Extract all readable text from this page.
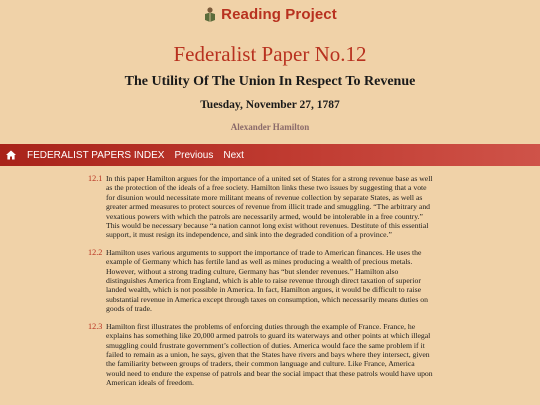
Reading Project
Federalist Paper No.12
The Utility Of The Union In Respect To Revenue
Tuesday, November 27, 1787
Alexander Hamilton
FEDERALIST PAPERS INDEX Previous Next
12.1 In this paper Hamilton argues for the importance of a united set of States for a strong revenue base as well as the protection of the ideals of a free society. Hamilton links these two issues by suggesting that a vote for disunion would necessitate more militant means of revenue collection by separate States, as well as greater armed measures to protect sources of revenue from illicit trade and smuggling. “The arbitrary and vexatious powers with which the patrols are necessarily armed, would be intolerable in a free country.” This would be necessary because “a nation cannot long exist without revenues. Destitute of this essential support, it must resign its independence, and sink into the degraded condition of a province.”

12.2 Hamilton uses various arguments to support the importance of trade to American finances. He uses the example of Germany which has fertile land as well as mines producing a wealth of precious metals. However, without a strong trading culture, Germany has “but slender revenues.” Hamilton also distinguishes America from England, which is able to raise revenue through direct taxation of superior landed wealth, which is not possible in America. In fact, Hamilton argues, it would be difficult to raise substantial revenue in America except through taxes on consumption, which necessarily means duties on goods of trade.

12.3 Hamilton first illustrates the problems of enforcing duties through the example of France. France, he explains has something like 20,000 armed patrols to guard its waterways and other points at which illegal smuggling could frustrate government’s collection of duties. America would face the same problem if it failed to remain as a union, he says, given that the States have rivers and bays where they intersect, given the familiarity between groups of traders, their common language and culture. Like France, America would need to endure the expense of patrols and bear the social impact that these patrols would have upon American ideals of freedom.
